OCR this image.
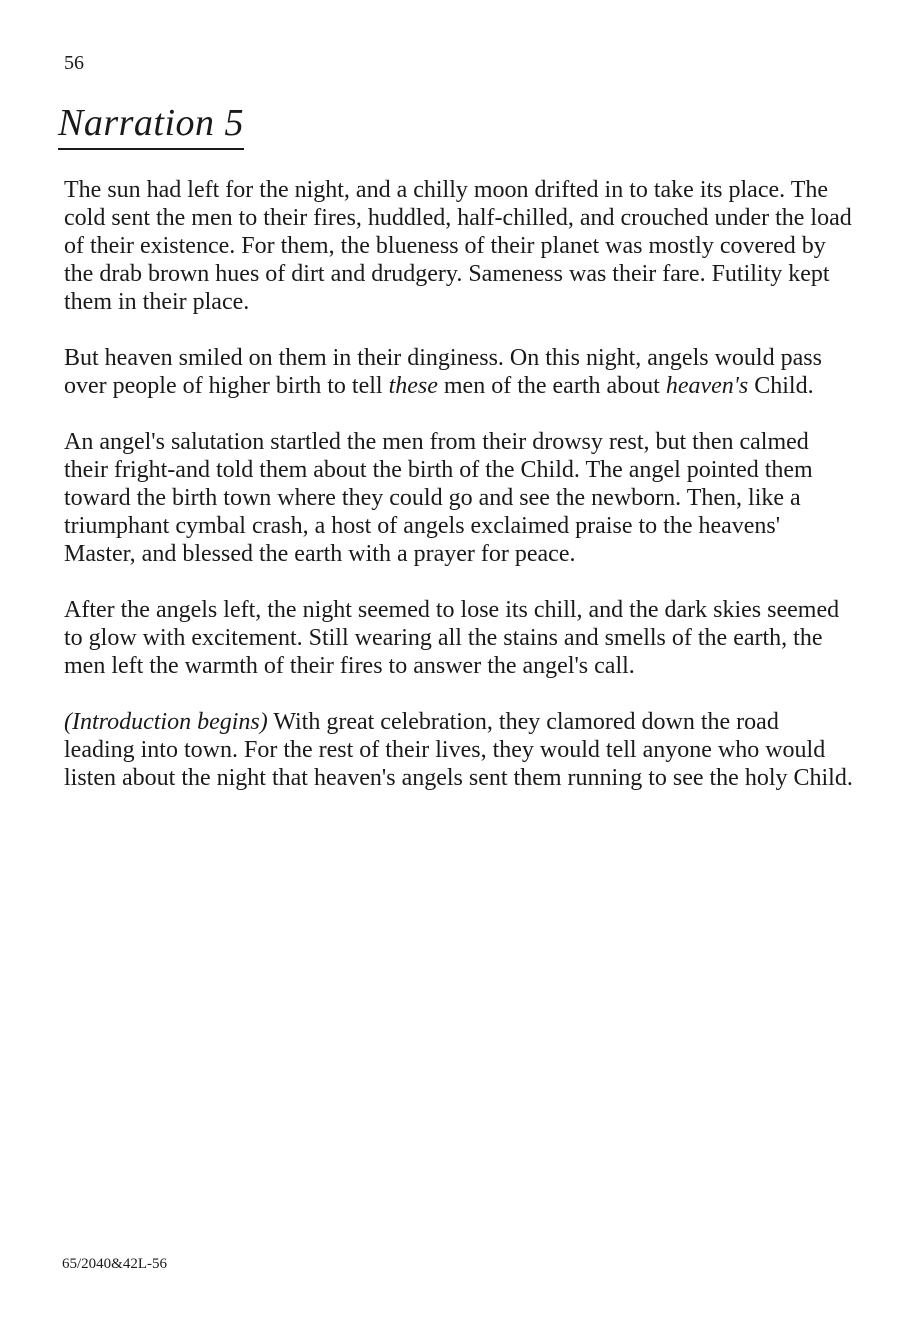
56
Narration 5

The sun had left for the night, and a chilly moon drifted in to take its place. The cold sent the men to their fires, huddled, half-chilled, and crouched under the load of their existence. For them, the blueness of their planet was mostly covered by the drab brown hues of dirt and drudgery. Sameness was their fare. Futility kept them in their place.

But heaven smiled on them in their dinginess. On this night, angels would pass over people of higher birth to tell these men of the earth about heaven's Child.

An angel's salutation startled the men from their drowsy rest, but then calmed their fright-and told them about the birth of the Child. The angel pointed them toward the birth town where they could go and see the newborn. Then, like a triumphant cymbal crash, a host of angels exclaimed praise to the heavens' Master, and blessed the earth with a prayer for peace.

After the angels left, the night seemed to lose its chill, and the dark skies seemed to glow with excitement. Still wearing all the stains and smells of the earth, the men left the warmth of their fires to answer the angel's call.

(Introduction begins) With great celebration, they clamored down the road leading into town. For the rest of their lives, they would tell anyone who would listen about the night that heaven's angels sent them running to see the holy Child.

65/2040&42L-56
